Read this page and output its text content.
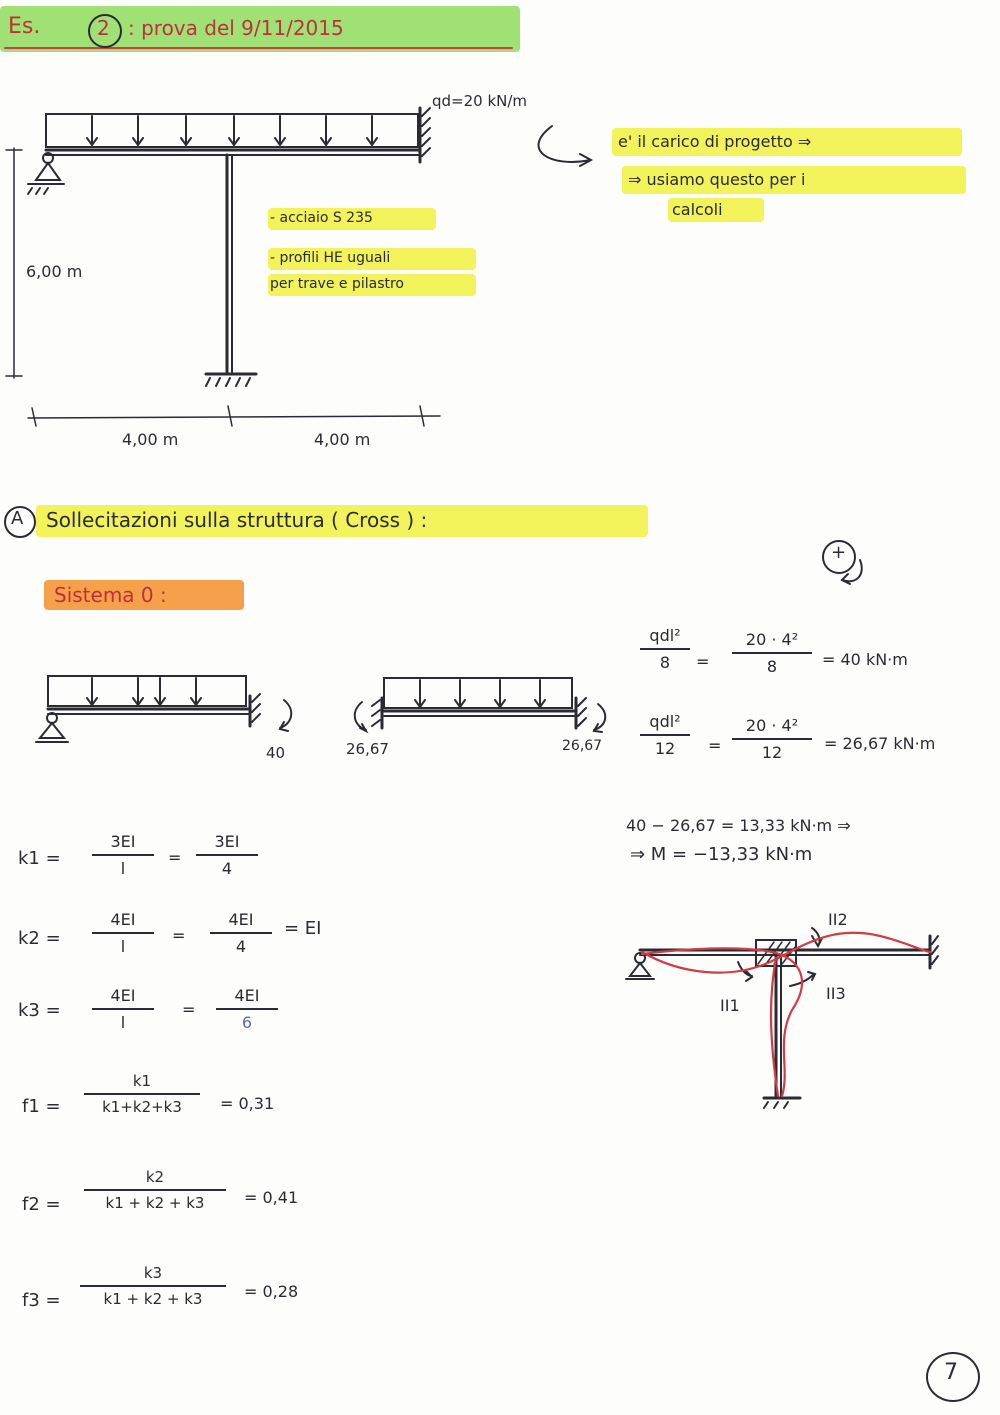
Es.	2 : prova del 9/11/2015
qd=20 kN/m
6,00 m
4,00 m	4,00 m
- acciaio S 235
- profili HE uguali
per trave e pilastro
e' il carico di progetto ⇒
⇒ usiamo questo per i
calcoli
A Sollecitazioni sulla struttura ( Cross ) :
+
Sistema 0 :
40	26,67	26,67
qdl²
8	=
20 · 4²
8	= 40 kN·m
qdl²
12	=
20 · 4²
12	= 26,67 kN·m
40 − 26,67 = 13,33 kN·m ⇒
⇒ M = −13,33 kN·m
k1 =
3EI
l
=
3EI
4
k2 =
4EI
l
=
4EI
4
= EI
k3 =
4EI
l
=
4EI
6
f1 =
k1
k1+k2+k3	= 0,31
f2 =
k2
k1 + k2 + k3	= 0,41
f3 =
k3
k1 + k2 + k3	= 0,28
II2
II1
II3
7
